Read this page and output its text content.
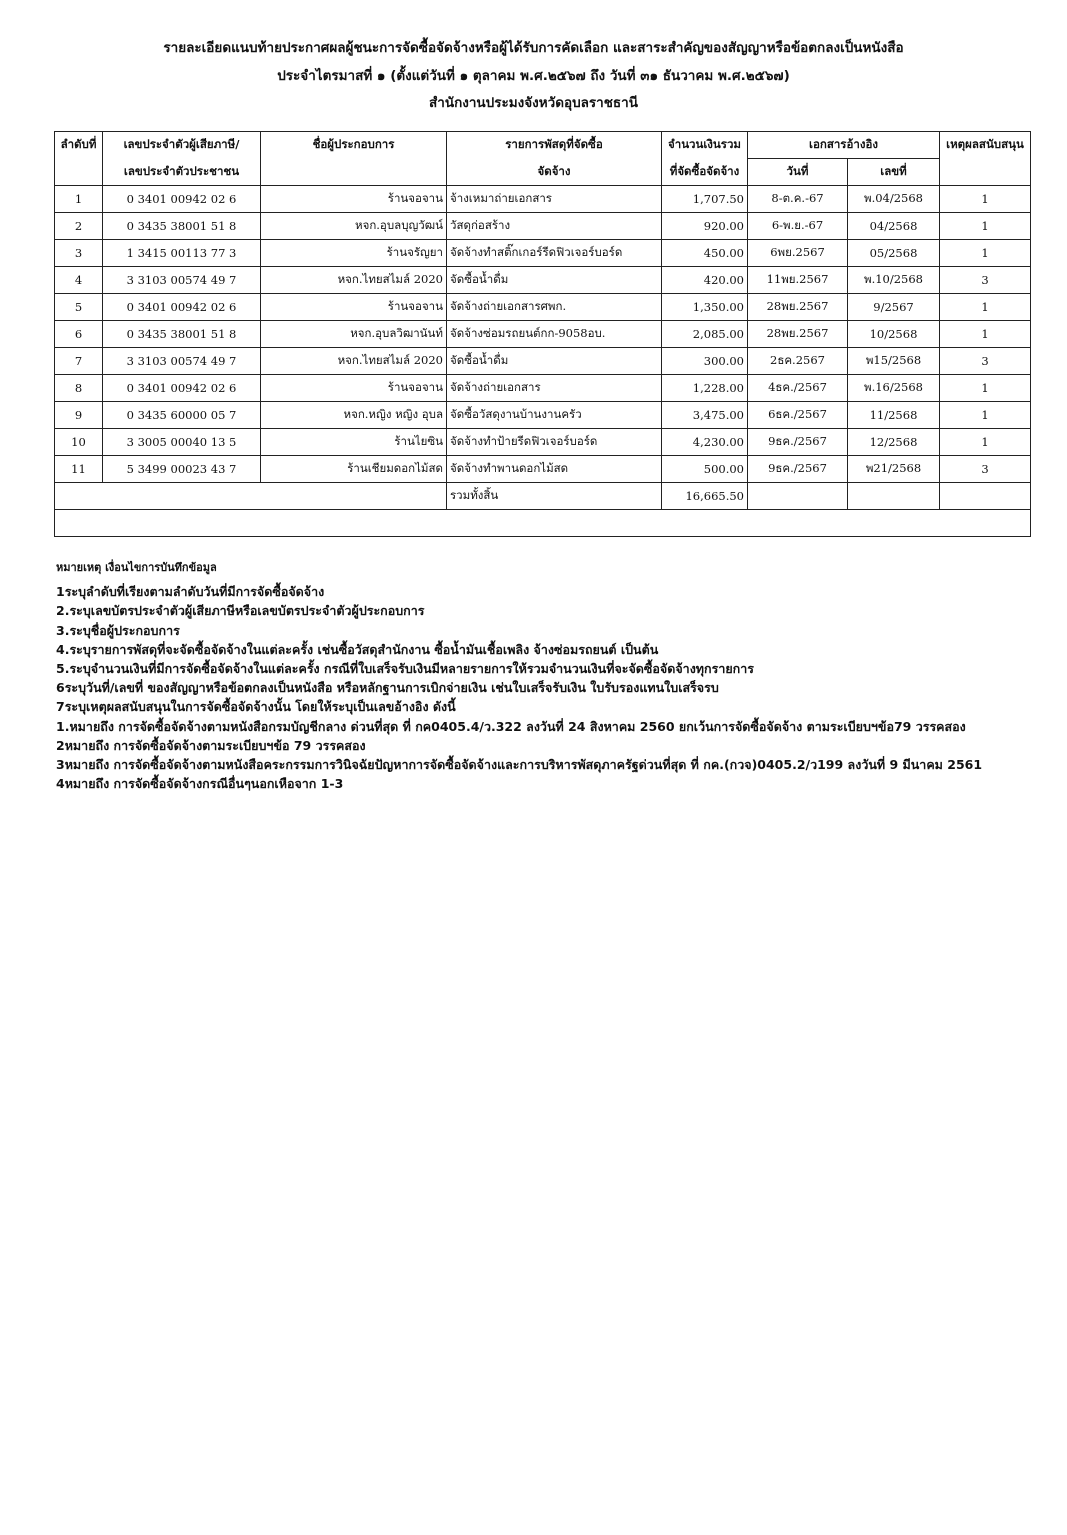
รายละเอียดแนบท้ายประกาศผลผู้ชนะการจัดซื้อจัดจ้างหรือผู้ได้รับการคัดเลือก และสาระสำคัญของสัญญาหรือข้อตกลงเป็นหนังสือ
ประจำไตรมาสที่ ๑ (ตั้งแต่วันที่ ๑ ตุลาคม พ.ศ.๒๕๖๗ ถึง วันที่ ๓๑ ธันวาคม พ.ศ.๒๕๖๗)
สำนักงานประมงจังหวัดอุบลราชธานี
ลำดับที่	เลขประจำตัวผู้เสียภาษี/	ชื่อผู้ประกอบการ	รายการพัสดุที่จัดซื้อ	จำนวนเงินรวม	เอกสารอ้างอิง		เหตุผลสนับสนุน
	เลขประจำตัวประชาชน		จัดจ้าง	ที่จัดซื้อจัดจ้าง	วันที่	เลขที่	
1	0 3401 00942 02 6	ร้านจอจาน	จ้างเหมาถ่ายเอกสาร	1,707.50	8-ต.ค.-67	พ.04/2568	1
2	0 3435 38001 51 8	หจก.อุบลบุญวัฒน์	วัสดุก่อสร้าง	920.00	6-พ.ย.-67	04/2568	1
3	1 3415 00113 77 3	ร้านจรัญยา	จัดจ้างทำสติ๊กเกอร์รีดฟิวเจอร์บอร์ด	450.00	6พย.2567	05/2568	1
4	3 3103 00574 49 7	หจก.ไทยสไมล์ 2020	จัดซื้อน้ำดื่ม	420.00	11พย.2567	พ.10/2568	3
5	0 3401 00942 02 6	ร้านจอจาน	จัดจ้างถ่ายเอกสารศพก.	1,350.00	28พย.2567	9/2567	1
6	0 3435 38001 51 8	หจก.อุบลวิฒานันท์	จัดจ้างซ่อมรถยนต์กก-9058อบ.	2,085.00	28พย.2567	10/2568	1
7	3 3103 00574 49 7	หจก.ไทยสไมล์ 2020	จัดซื้อน้ำดื่ม	300.00	2ธค.2567	พ15/2568	3
8	0 3401 00942 02 6	ร้านจอจาน	จัดจ้างถ่ายเอกสาร	1,228.00	4ธค./2567	พ.16/2568	1
9	0 3435 60000 05 7	หจก.หญิง หญิง อุบล	จัดซื้อวัสดุงานบ้านงานครัว	3,475.00	6ธค./2567	11/2568	1
10	3 3005 00040 13 5	ร้านไยซิน	จัดจ้างทำป้ายรีดฟิวเจอร์บอร์ด	4,230.00	9ธค./2567	12/2568	1
11	5 3499 00023 43 7	ร้านเชียมดอกไม้สด	จัดจ้างทำพานดอกไม้สด	500.00	9ธค./2567	พ21/2568	3
			รวมทั้งสิ้น	16,665.50			

หมายเหตุ เงื่อนไขการบันทึกข้อมูล
1ระบุลำดับที่เรียงตามลำดับวันที่มีการจัดซื้อจัดจ้าง
2.ระบุเลขบัตรประจำตัวผู้เสียภาษีหรือเลขบัตรประจำตัวผู้ประกอบการ
3.ระบุชื่อผู้ประกอบการ
4.ระบุรายการพัสดุที่จะจัดซื้อจัดจ้างในแต่ละครั้ง เช่นซื้อวัสดุสำนักงาน ซื้อน้ำมันเชื้อเพลิง จ้างซ่อมรถยนต์ เป็นต้น
5.ระบุจำนวนเงินที่มีการจัดซื้อจัดจ้างในแต่ละครั้ง กรณีที่ใบเสร็จรับเงินมีหลายรายการให้รวมจำนวนเงินที่จะจัดซื้อจัดจ้างทุกรายการ
6ระบุวันที่/เลขที่ ของสัญญาหรือข้อตกลงเป็นหนังสือ หรือหลักฐานการเบิกจ่ายเงิน เช่นใบเสร็จรับเงิน ใบรับรองแทนใบเสร็จรบ
7ระบุเหตุผลสนับสนุนในการจัดซื้อจัดจ้างนั้น โดยให้ระบุเป็นเลขอ้างอิง ดังนี้
1.หมายถึง การจัดซื้อจัดจ้างตามหนังสือกรมบัญชีกลาง ด่วนที่สุด ที่ กค0405.4/ว.322 ลงวันที่ 24 สิงหาคม 2560 ยกเว้นการจัดซื้อจัดจ้าง ตามระเบียบฯข้อ79 วรรคสอง
2หมายถึง การจัดซื้อจัดจ้างตามระเบียบฯข้อ 79 วรรคสอง
3หมายถึง การจัดซื้อจัดจ้างตามหนังสือคระกรรมการวินิจฉัยปัญหาการจัดซื้อจัดจ้างและการบริหารพัสดุภาครัฐด่วนที่สุด ที่ กค.(กวจ)0405.2/ว199 ลงวันที่ 9 มีนาคม 2561
4หมายถึง การจัดซื้อจัดจ้างกรณีอื่นๆนอกเหือจาก 1-3
